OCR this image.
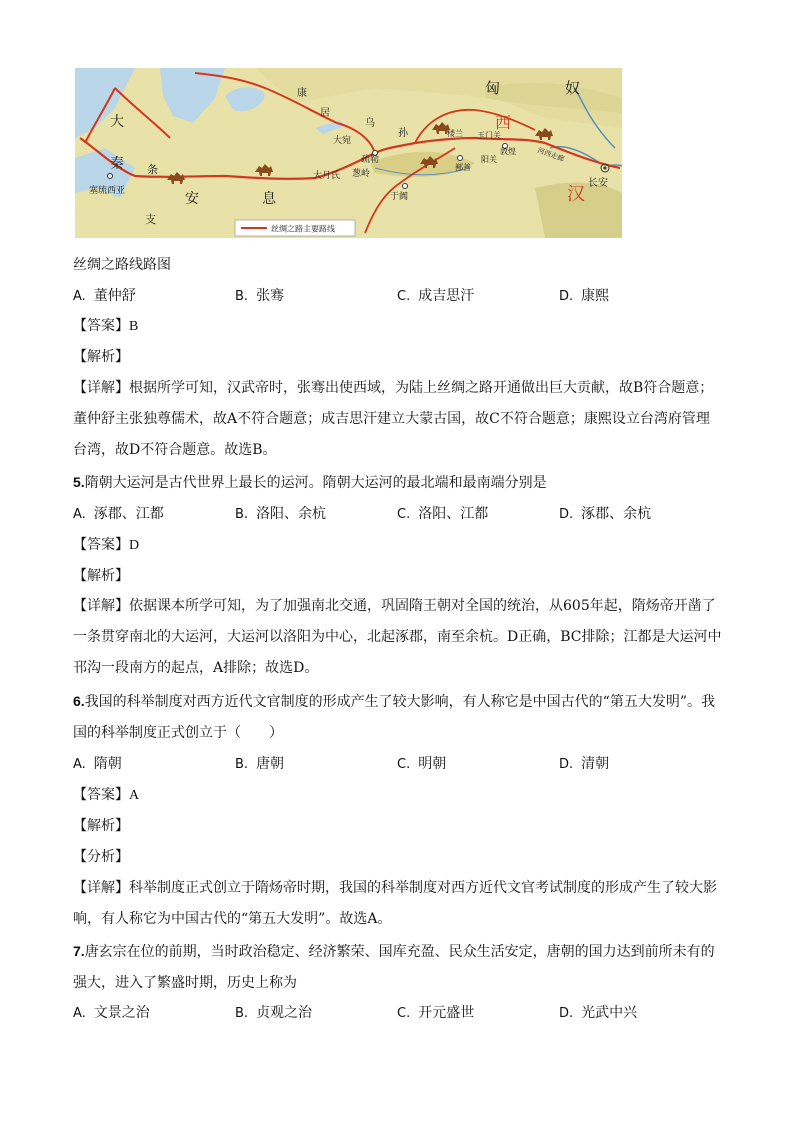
匈	奴
西
汉
长安
大
秦 条
支
安	息
塞琉西亚
康
居
大宛
乌
孙
疏勒
大月氏 葱岭
于阗
楼兰 玉门关
敦煌
阳关
鄯善
河西走廊
丝绸之路主要路线
丝绸之路线路图
A. 董仲舒	B. 张骞	C. 成吉思汗	D. 康熙
【答案】B
【解析】
【详解】根据所学可知，汉武帝时，张骞出使西域，为陆上丝绸之路开通做出巨大贡献，故B符合题意；董仲舒主张独尊儒术，故A不符合题意；成吉思汗建立大蒙古国，故C不符合题意；康熙设立台湾府管理台湾，故D不符合题意。故选B。
5.隋朝大运河是古代世界上最长的运河。隋朝大运河的最北端和最南端分别是
A. 涿郡、江都	B. 洛阳、余杭	C. 洛阳、江都	D. 涿郡、余杭
【答案】D
【解析】
【详解】依据课本所学可知，为了加强南北交通，巩固隋王朝对全国的统治，从605年起，隋炀帝开凿了一条贯穿南北的大运河，大运河以洛阳为中心，北起涿郡，南至余杭。D正确，BC排除；江都是大运河中邗沟一段南方的起点，A排除；故选D。
6.我国的科举制度对西方近代文官制度的形成产生了较大影响，有人称它是中国古代的“第五大发明”。我国的科举制度正式创立于（　　）
A. 隋朝	B. 唐朝	C. 明朝	D. 清朝
【答案】A
【解析】
【分析】
【详解】科举制度正式创立于隋炀帝时期，我国的科举制度对西方近代文官考试制度的形成产生了较大影响，有人称它为中国古代的“第五大发明”。故选A。
7.唐玄宗在位的前期，当时政治稳定、经济繁荣、国库充盈、民众生活安定，唐朝的国力达到前所未有的强大，进入了繁盛时期，历史上称为
A. 文景之治	B. 贞观之治	C. 开元盛世	D. 光武中兴
